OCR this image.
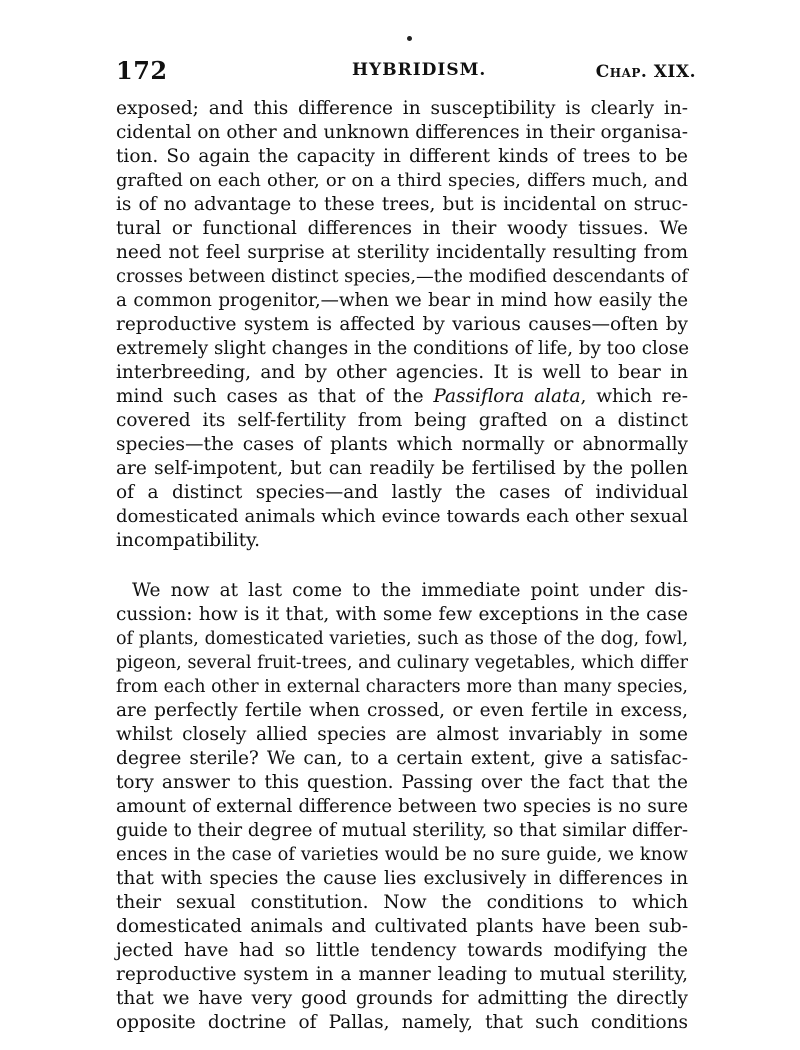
172	HYBRIDISM.	Chap. XIX.
exposed; and this difference in susceptibility is clearly in-
cidental on other and unknown differences in their organisa-
tion. So again the capacity in different kinds of trees to be
grafted on each other, or on a third species, differs much, and
is of no advantage to these trees, but is incidental on struc-
tural or functional differences in their woody tissues. We
need not feel surprise at sterility incidentally resulting from
crosses between distinct species,—the modified descendants of
a common progenitor,—when we bear in mind how easily the
reproductive system is affected by various causes—often by
extremely slight changes in the conditions of life, by too close
interbreeding, and by other agencies. It is well to bear in
mind such cases as that of the Passiflora alata, which re-
covered its self-fertility from being grafted on a distinct
species—the cases of plants which normally or abnormally
are self-impotent, but can readily be fertilised by the pollen
of a distinct species—and lastly the cases of individual
domesticated animals which evince towards each other sexual
incompatibility.
We now at last come to the immediate point under dis-
cussion: how is it that, with some few exceptions in the case
of plants, domesticated varieties, such as those of the dog, fowl,
pigeon, several fruit-trees, and culinary vegetables, which differ
from each other in external characters more than many species,
are perfectly fertile when crossed, or even fertile in excess,
whilst closely allied species are almost invariably in some
degree sterile? We can, to a certain extent, give a satisfac-
tory answer to this question. Passing over the fact that the
amount of external difference between two species is no sure
guide to their degree of mutual sterility, so that similar differ-
ences in the case of varieties would be no sure guide, we know
that with species the cause lies exclusively in differences in
their sexual constitution. Now the conditions to which
domesticated animals and cultivated plants have been sub-
jected have had so little tendency towards modifying the
reproductive system in a manner leading to mutual sterility,
that we have very good grounds for admitting the directly
opposite doctrine of Pallas, namely, that such conditions
